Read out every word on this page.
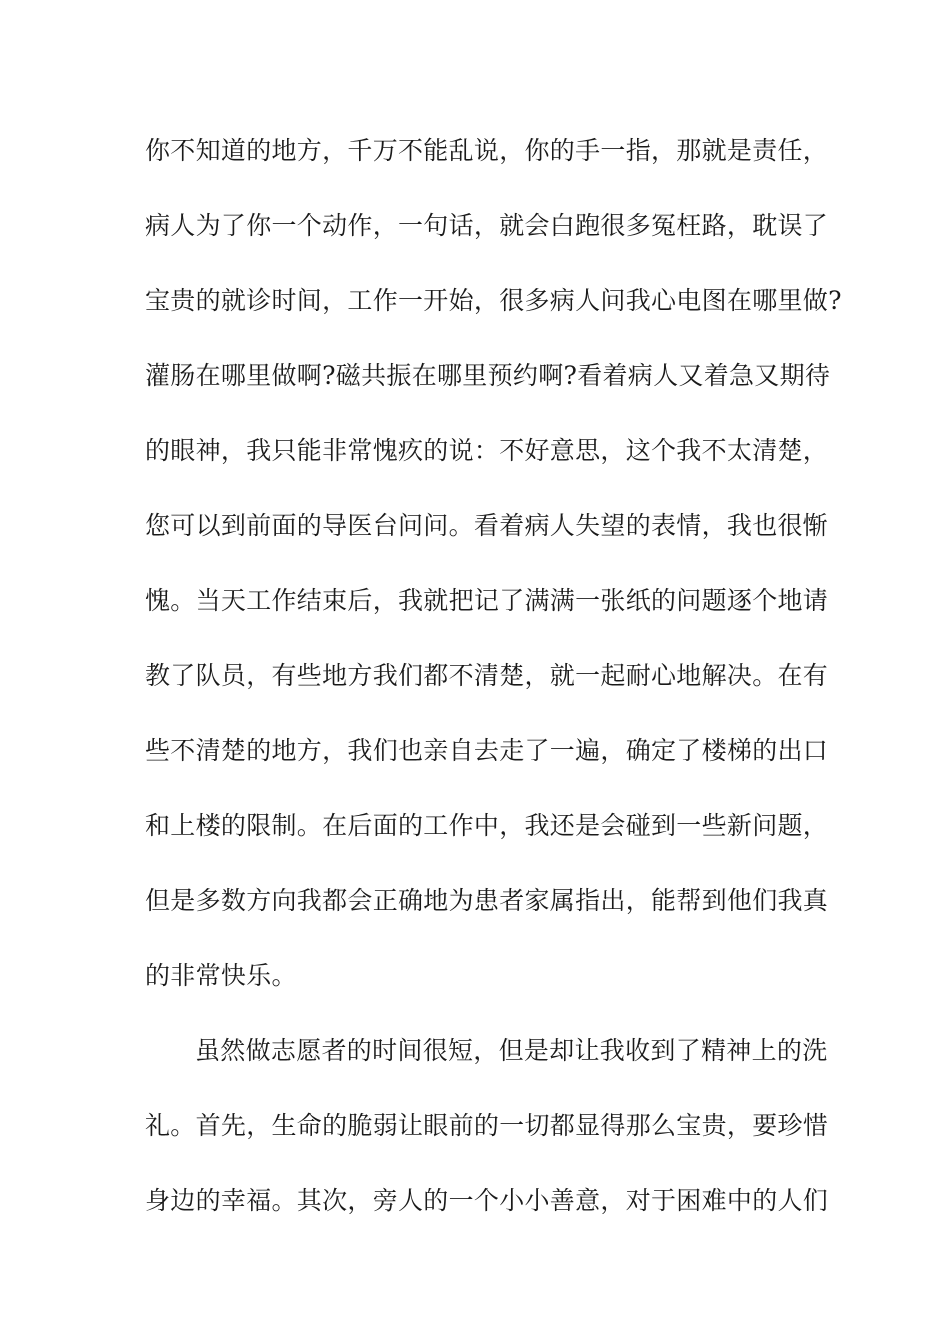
你不知道的地方，千万不能乱说，你的手一指，那就是责任，
病人为了你一个动作，一句话，就会白跑很多冤枉路，耽误了
宝贵的就诊时间，工作一开始，很多病人问我心电图在哪里做?
灌肠在哪里做啊?磁共振在哪里预约啊?看着病人又着急又期待
的眼神，我只能非常愧疚的说：不好意思，这个我不太清楚，
您可以到前面的导医台问问。看着病人失望的表情，我也很惭
愧。当天工作结束后，我就把记了满满一张纸的问题逐个地请
教了队员，有些地方我们都不清楚，就一起耐心地解决。在有
些不清楚的地方，我们也亲自去走了一遍，确定了楼梯的出口
和上楼的限制。在后面的工作中，我还是会碰到一些新问题，
但是多数方向我都会正确地为患者家属指出，能帮到他们我真
的非常快乐。
虽然做志愿者的时间很短，但是却让我收到了精神上的洗
礼。首先，生命的脆弱让眼前的一切都显得那么宝贵，要珍惜
身边的幸福。其次，旁人的一个小小善意，对于困难中的人们
